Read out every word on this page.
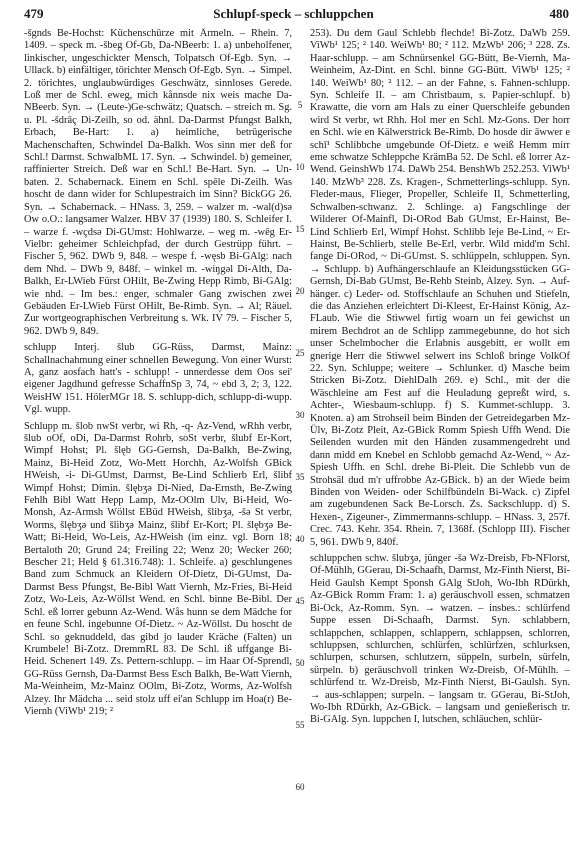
479	Schlupf-speck – schluppchen	480

-šgnds Be-Hochst: Küchenschürze mit Ärmeln. – Rhein. 7, 1409. – speck m. -šbeg Of-Gb, Da-NBeerb: 1. a) unbeholfener, linkischer, ungeschickter Mensch, Tolpatsch Of-Egb. Syn. → Ullack. b) einfältiger, törichter Mensch Of-Egb. Syn. → Simpel. 2. törichtes, unglaubwürdiges Geschwätz, sinnloses Gerede. Loß mer de Schl. eweg, mich kånnsde nix weis mache Da-NBeerb. Syn. → (Leute-)Ge-schwätz; Quatsch. – streich m. Sg. u. Pl. -šdrāç Di-Zeilh, so od. ähnl. Da-Darmst Pfungst Balkh, Erbach, Be-Hart: 1. a) heimliche, betrügerische Machenschaften, Schwindel Da-Balkh. Wos sinn mer deß for Schl.! Darmst. SchwalbML 17. Syn. → Schwindel. b) gemeiner, raffinierter Streich. Deß war en Schl.! Be-Hart. Syn. → Un-baten. 2. Schabernack. Einem en Schl. spēle Di-Zeilh. Was hoscht de dann wider for Schlupestraich im Sinn? BickGG 26. Syn. → Schabernack. – HNass. 3, 259. – walzer m. -wal(d)sə Ow o.O.: langsamer Walzer. HBV 37 (1939) 180. S. Schleifer I. – warze f. -wçdsə Di-GUmst: Hohlwarze. – weg m. -wēg Er-Vielbr: geheimer Schleichpfad, der durch Gestrüpp führt. – Fischer 5, 962. DWb 9, 848. – wespe f. -węsb Bi-GAlg: nach dem Nhd. – DWb 9, 848f. – winkel m. -wiŋgəl Di-Alth, Da-Balkh, Er-LWieb Fürst OHilt, Be-Zwing Hepp Rimb, Bi-GAlg: wie nhd. – Im bes.: enger, schmaler Gang zwischen zwei Gebäuden Er-LWieb Fürst OHilt, Be-Rimb. Syn. → Al; Räuel. Zur wortgeographischen Verbreitung s. Wk. IV 79. – Fischer 5, 962. DWb 9, 849.

schlupp Interj. šlub GG-Rüss, Darmst, Mainz: Schallnachahmung einer schnellen Bewegung. Von einer Wurst: A, ganz aosfach hatt's - schlupp! - unnerdesse dem Oos sei' eigener Jagdhund gefresse SchaffnSp 3, 74, ~ ebd 3, 2; 3, 122. WeisHW 151. HölerMGr 18. S. schlupp-dich, schlupp-di-wupp. Vgl. wupp.

Schlupp m. šlob nwSt verbr, wi Rh, -q- Az-Vend, wRhh verbr, šlub oOf, oDi, Da-Darmst Rohrb, soSt verbr, šlubf Er-Kort, Wimpf Hohst; Pl. šlęb GG-Gernsh, Da-Balkh, Be-Zwing, Mainz, Bi-Heid Zotz, Wo-Mett Horchh, Az-Wolfsh GBick HWeish, -i- Di-GUmst, Darmst, Be-Lind Schlierb Erl, šlibf Wimpf Hohst; Dimin. šlębʒə Di-Nied, Da-Ernsth, Be-Zwing Fehlh Bibl Watt Hepp Lamp, Mz-OOlm Ulv, Bi-Heid, Wo-Monsh, Az-Armsh Wöllst EBüd HWeish, šlibʒə, -šə St verbr, Worms, šlębʒə und šlibʒə Mainz, šlibf Er-Kort; Pl. šlębʒə Be-Watt; Bi-Heid, Wo-Leis, Az-HWeish (im einz. vgl. Born 18; Bertaloth 20; Grund 24; Freiling 22; Wenz 20; Wecker 260; Bescher 21; Held § 61.316.748): 1. Schleife. a) geschlungenes Band zum Schmuck an Kleidern Of-Dietz, Di-GUmst, Da-Darmst Bess Pfungst, Be-Bibl Watt Viernh, Mz-Fries, Bi-Heid Zotz, Wo-Leis, Az-Wöllst Wend. en Schl. binne Be-Bibl. Der Schl. eß lorrer gebunn Az-Wend. Wås hunn se dem Mädche for en feune Schl. ingebunne Of-Dietz. ~ Az-Wöllst. Du hoscht de Schl. so geknuddeld, das gibd jo lauder Kräche (Falten) un Krumbele! Bi-Zotz. DremmRL 83. De Schl. iß uffgange Bi-Heid. Schenert 149. Zs. Pettern-schlupp. – im Haar Of-Sprendl, GG-Rüss Gernsh, Da-Darmst Bess Esch Balkh, Be-Watt Viernh, Ma-Weinheim, Mz-Mainz OOlm, Bi-Zotz, Worms, Az-Wolfsh Alzey. Ihr Mädcha ... seid stolz uff ei'an Schlupp im Hoa(r) Be-Viernh (ViWb¹ 219; ²

5
10
15
20
25
30
35
40
45
50
55
60

253). Du dem Gaul Schlebb flechde! Bi-Zotz. DaWb 259. ViWb¹ 125; ² 140. WeiWb¹ 80; ² 112. MzWb¹ 206; ³ 228. Zs. Haar-schlupp. – am Schnürsenkel GG-Bütt, Be-Viernh, Ma-Weinheim, Az-Dint. en Schl. binne GG-Bütt. ViWb¹ 125; ² 140. WeiWb¹ 80; ² 112. – an der Fahne, s. Fahnen-schlupp. Syn. Schleife II. – am Christbaum, s. Papier-schlupf. b) Krawatte, die vorn am Hals zu einer Querschleife gebunden wird St verbr, wt Rhh. Hol mer en Schl. Mz-Gons. Der horr en Schl. wie en Kälwerstrick Be-Rimb. Do hosde dir āwwer e schī¹ Schlibbche umgebunde Of-Dietz. e weiß Hemm mirr eme schwatze Schleppche KrämBa 52. De Schl. eß lorrer Az-Wend. GeinshWb 174. DaWb 254. BenshWb 252.253. ViWb¹ 140. MzWb³ 228. Zs. Kragen-, Schmetterlings-schlupp. Syn. Fleder-maus, Flieger, Propeller, Schleife II, Schmetterling, Schwalben-schwanz. 2. Schlinge. a) Fangschlinge der Wilderer Of-Mainfl, Di-ORod Bab GUmst, Er-Hainst, Be-Lind Schlierb Erl, Wimpf Hohst. Schlibb leje Be-Lind, ~ Er-Hainst, Be-Schlierb, stelle Be-Erl, verbr. Wild midd'm Schl. fange Di-ORod, ~ Di-GUmst. S. schlüppeln, schluppen. Syn. → Schlupp. b) Aufhängerschlaufe an Kleidungsstücken GG-Gernsh, Di-Bab GUmst, Be-Rehb Steinb, Alzey. Syn. → Auf-hänger. c) Leder- od. Stoffschlaufe an Schuhen und Stiefeln, die das Anziehen erleichtert Di-Kleest, Er-Hainst König, Az-FLaub. Wie die Stiwwel fırtig woarn un fei gewichst un mirem Bechdrot an de Schlipp zammegebunne, do hot sich unser Schelmbocher die Erlabnis ausgebitt, er wollt em gnerige Herr die Stiwwel selwert ins Schloß bringe VolkOf 22. Syn. Schluppe; weitere → Schlunker. d) Masche beim Stricken Bi-Zotz. DiehlDalh 269. e) Schl., mit der die Wäschleine am Fest auf die Heuladung gepreßt wird, s. Achter-, Wiesbaum-schlupp. f) S. Kummet-schlupp. 3. Knoten. a) am Strohseil beim Binden der Getreidegarben Mz-Ülv, Bi-Zotz Pleit, Az-GBick Romm Spiesh Uffh Wend. Die Seilenden wurden mit den Händen zusammengedreht und dann midd em Knebel en Schlobb gemachd Az-Wend, ~ Az-Spiesh Uffh. en Schl. drehe Bi-Pleit. Die Schlebb vun de Strohsäl dud m'r uffrobbe Az-GBick. b) an der Wiede beim Binden von Weiden- oder Schilfbündeln Bi-Wack. c) Zipfel am zugebundenen Sack Be-Lorsch. Zs. Sackschlupp. d) S. Hexen-, Zigeuner-, Zimmermanns-schlupp. – HNass. 3, 257f. Crec. 743. Kehr. 354. Rhein. 7, 1368f. (Schlopp III). Fischer 5, 961. DWb 9, 840f.

schluppchen schw. šlubʒə, jünger -šə Wz-Dreisb, Fb-NFlorst, Of-Mühlh, GGerau, Di-Schaafh, Darmst, Mz-Finth Nierst, Bi-Heid Gaulsh Kempt Sponsh GAlg StJoh, Wo-Ibh RDürkh, Az-GBick Romm Fram: 1. a) geräuschvoll essen, schmatzen Bi-Ock, Az-Romm. Syn. → watzen. – insbes.: schlürfend Suppe essen Di-Schaafh, Darmst. Syn. schlabbern, schlappchen, schlappen, schlappern, schlappsen, schlorren, schluppsen, schlurchen, schlürfen, schlürfzen, schlurksen, schlurpen, schursen, schlutzern, süppeln, surbeln, sürfeln, sürpeln. b) geräuschvoll trinken Wz-Dreisb, Of-Mühlh. – schlürfend tr. Wz-Dreisb, Mz-Finth Nierst, Bi-Gaulsh. Syn. → aus-schlappen; surpeln. – langsam tr. GGerau, Bi-StJoh, Wo-Ibh RDürkh, Az-GBick. – langsam und genießerisch tr. Bi-GAlg. Syn. luppchen I, lutschen, schläuchen, schlür-
